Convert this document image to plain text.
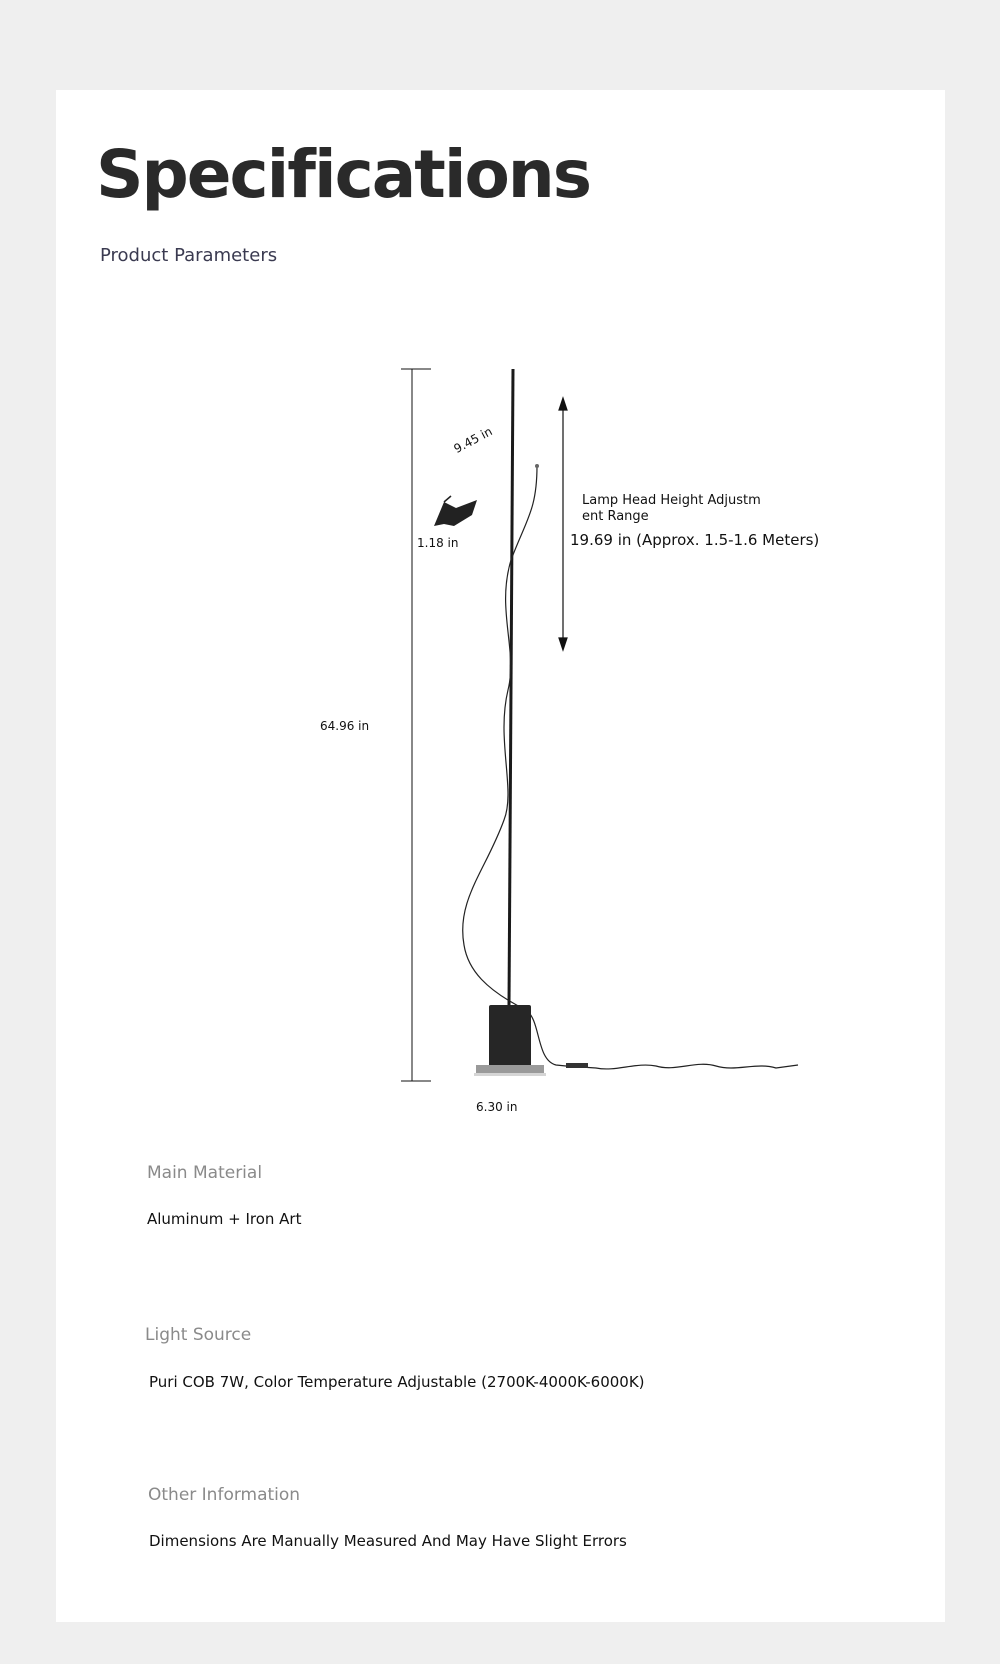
Specifications
Product Parameters
9.45 in
1.18 in
64.96 in
6.30 in
Lamp Head Height Adjustm
ent Range
19.69 in (Approx. 1.5-1.6 Meters)
Main Material
Aluminum + Iron Art
Light Source
Puri COB 7W, Color Temperature Adjustable (2700K-4000K-6000K)
Other Information
Dimensions Are Manually Measured And May Have Slight Errors
